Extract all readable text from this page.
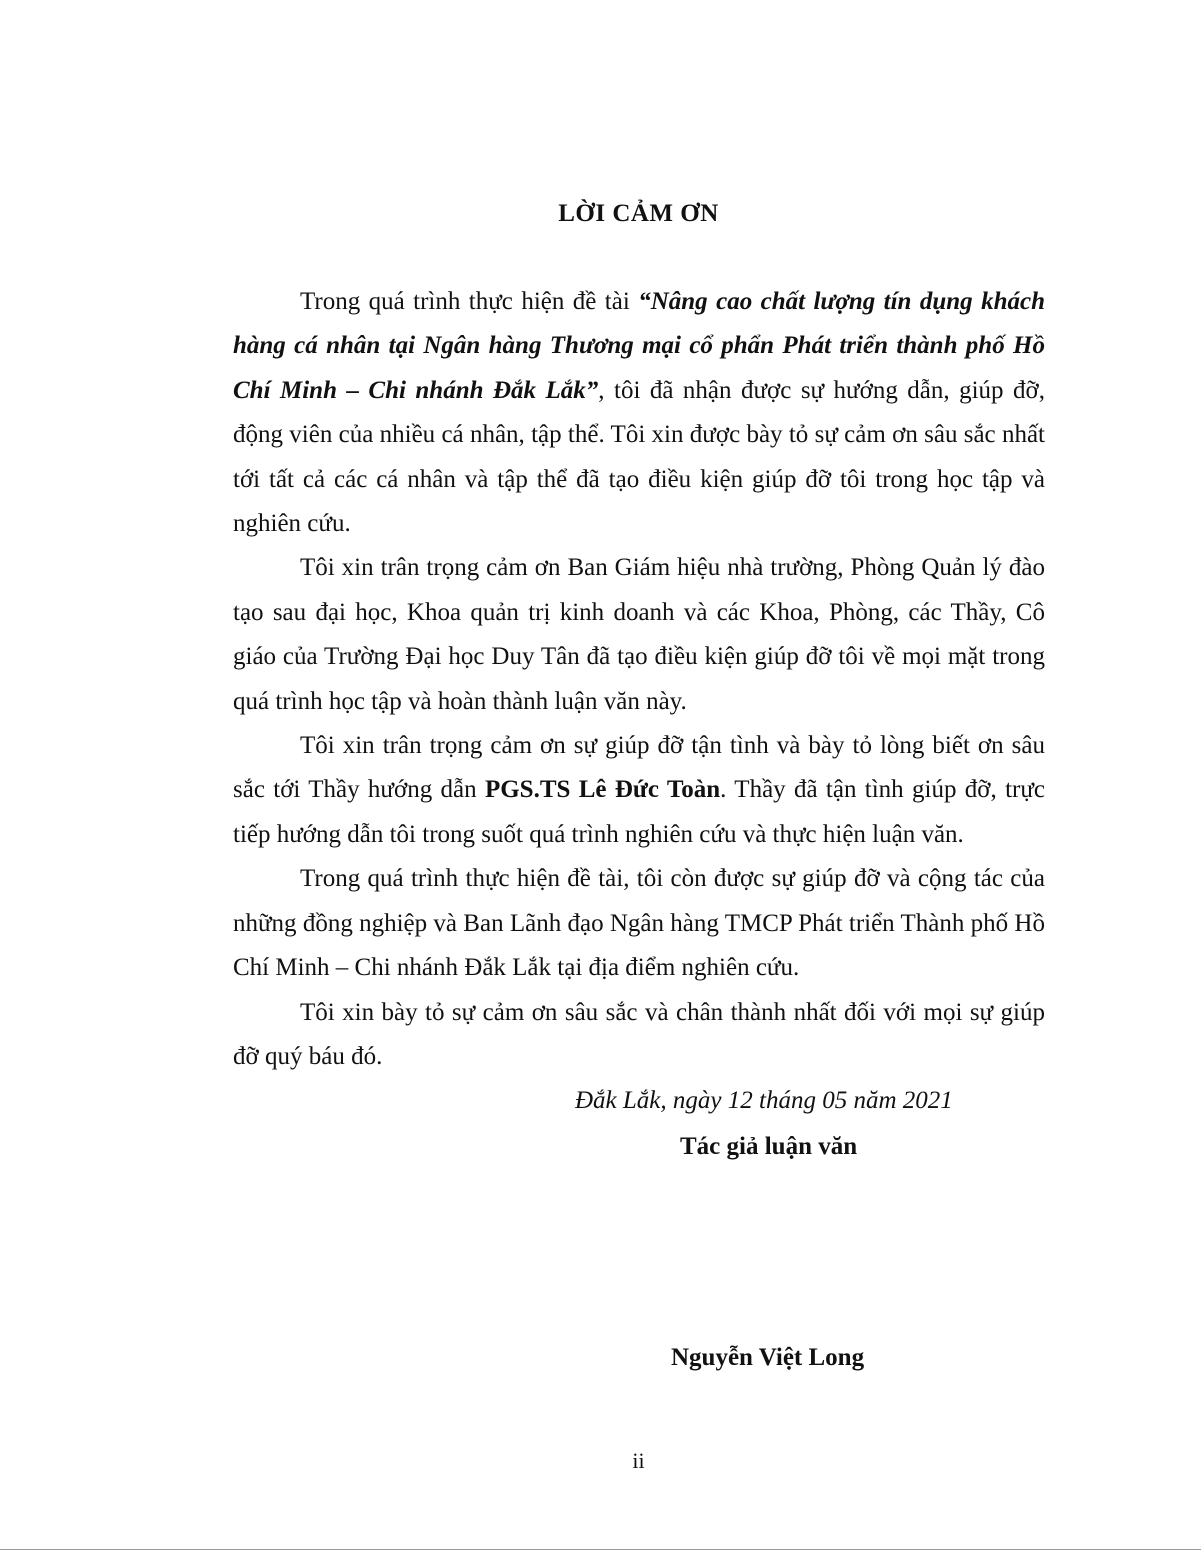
LỜI CẢM ƠN

Trong quá trình thực hiện đề tài “Nâng cao chất lượng tín dụng khách hàng cá nhân tại Ngân hàng Thương mại cổ phẩn Phát triển thành phố Hồ Chí Minh – Chi nhánh Đắk Lắk”, tôi đã nhận được sự hướng dẫn, giúp đỡ, động viên của nhiều cá nhân, tập thể. Tôi xin được bày tỏ sự cảm ơn sâu sắc nhất tới tất cả các cá nhân và tập thể đã tạo điều kiện giúp đỡ tôi trong học tập và nghiên cứu.

Tôi xin trân trọng cảm ơn Ban Giám hiệu nhà trường, Phòng Quản lý đào tạo sau đại học, Khoa quản trị kinh doanh và các Khoa, Phòng, các Thầy, Cô giáo của Trường Đại học Duy Tân đã tạo điều kiện giúp đỡ tôi về mọi mặt trong quá trình học tập và hoàn thành luận văn này.

Tôi xin trân trọng cảm ơn sự giúp đỡ tận tình và bày tỏ lòng biết ơn sâu sắc tới Thầy hướng dẫn PGS.TS Lê Đức Toàn. Thầy đã tận tình giúp đỡ, trực tiếp hướng dẫn tôi trong suốt quá trình nghiên cứu và thực hiện luận văn.

Trong quá trình thực hiện đề tài, tôi còn được sự giúp đỡ và cộng tác của những đồng nghiệp và Ban Lãnh đạo Ngân hàng TMCP Phát triển Thành phố Hồ Chí Minh – Chi nhánh Đắk Lắk tại địa điểm nghiên cứu.

Tôi xin bày tỏ sự cảm ơn sâu sắc và chân thành nhất đối với mọi sự giúp đỡ quý báu đó.

Đắk Lắk, ngày 12 tháng 05 năm 2021
Tác giả luận văn
Nguyễn Việt Long
ii
